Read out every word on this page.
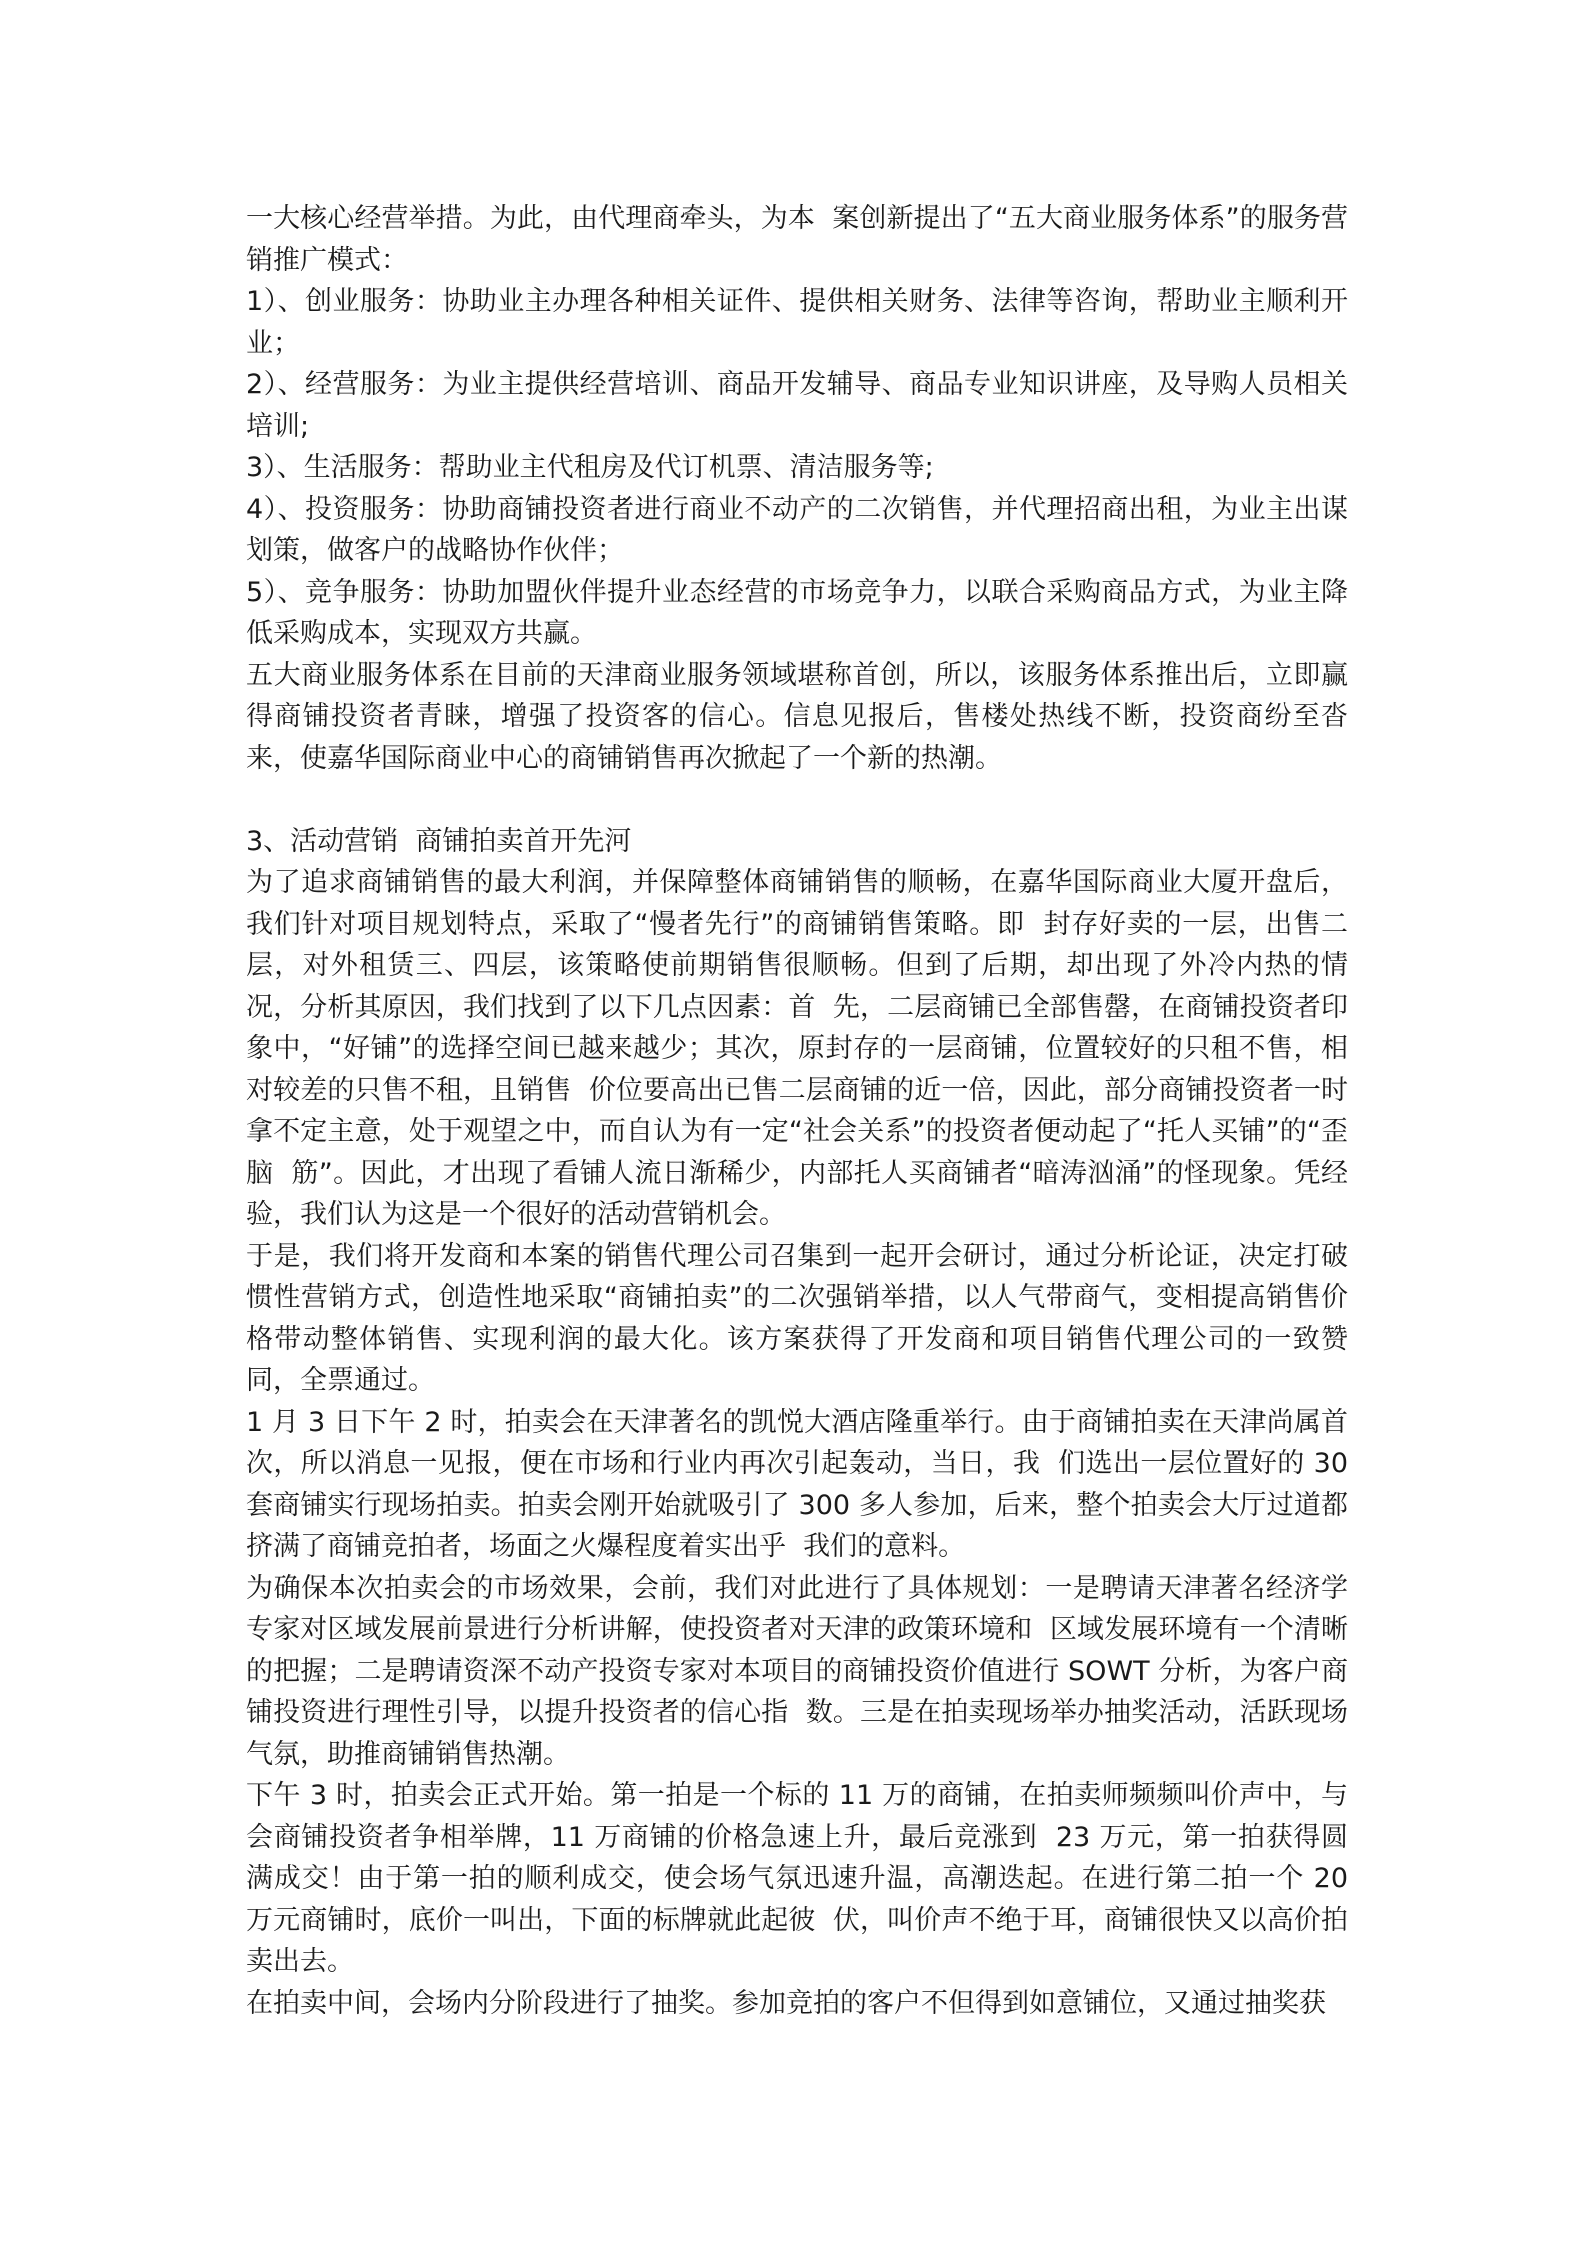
一大核心经营举措。为此，由代理商牵头，为本  案创新提出了“五大商业服务体系”的服务营销推广模式：

1）、创业服务：协助业主办理各种相关证件、提供相关财务、法律等咨询，帮助业主顺利开业；

2）、经营服务：为业主提供经营培训、商品开发辅导、商品专业知识讲座，及导购人员相关培训;

3）、生活服务：帮助业主代租房及代订机票、清洁服务等;

4）、投资服务：协助商铺投资者进行商业不动产的二次销售，并代理招商出租，为业主出谋划策，做客户的战略协作伙伴；

5）、竞争服务：协助加盟伙伴提升业态经营的市场竞争力，以联合采购商品方式，为业主降低采购成本，实现双方共赢。

五大商业服务体系在目前的天津商业服务领域堪称首创，所以，该服务体系推出后，立即赢得商铺投资者青睐，增强了投资客的信心。信息见报后，售楼处热线不断，投资商纷至沓来，使嘉华国际商业中心的商铺销售再次掀起了一个新的热潮。

3、活动营销  商铺拍卖首开先河

为了追求商铺销售的最大利润，并保障整体商铺销售的顺畅，在嘉华国际商业大厦开盘后，我们针对项目规划特点，采取了“慢者先行”的商铺销售策略。即  封存好卖的一层，出售二层，对外租赁三、四层，该策略使前期销售很顺畅。但到了后期，却出现了外冷内热的情况，分析其原因，我们找到了以下几点因素：首  先，二层商铺已全部售罄，在商铺投资者印象中，“好铺”的选择空间已越来越少；其次，原封存的一层商铺，位置较好的只租不售，相对较差的只售不租，且销售  价位要高出已售二层商铺的近一倍，因此，部分商铺投资者一时拿不定主意，处于观望之中，而自认为有一定“社会关系”的投资者便动起了“托人买铺”的“歪脑  筋”。因此，才出现了看铺人流日渐稀少，内部托人买商铺者“暗涛汹涌”的怪现象。凭经验，我们认为这是一个很好的活动营销机会。

于是，我们将开发商和本案的销售代理公司召集到一起开会研讨，通过分析论证，决定打破惯性营销方式，创造性地采取“商铺拍卖”的二次强销举措，以人气带商气，变相提高销售价格带动整体销售、实现利润的最大化。该方案获得了开发商和项目销售代理公司的一致赞同，全票通过。

1 月 3 日下午 2 时，拍卖会在天津著名的凯悦大酒店隆重举行。由于商铺拍卖在天津尚属首次，所以消息一见报，便在市场和行业内再次引起轰动，当日，我  们选出一层位置好的 30 套商铺实行现场拍卖。拍卖会刚开始就吸引了 300 多人参加，后来，整个拍卖会大厅过道都挤满了商铺竞拍者，场面之火爆程度着实出乎  我们的意料。

为确保本次拍卖会的市场效果，会前，我们对此进行了具体规划：一是聘请天津著名经济学专家对区域发展前景进行分析讲解，使投资者对天津的政策环境和  区域发展环境有一个清晰的把握；二是聘请资深不动产投资专家对本项目的商铺投资价值进行 SOWT 分析，为客户商铺投资进行理性引导，以提升投资者的信心指  数。三是在拍卖现场举办抽奖活动，活跃现场气氛，助推商铺销售热潮。

下午 3 时，拍卖会正式开始。第一拍是一个标的 11 万的商铺，在拍卖师频频叫价声中，与会商铺投资者争相举牌，11 万商铺的价格急速上升，最后竞涨到  23 万元，第一拍获得圆满成交！由于第一拍的顺利成交，使会场气氛迅速升温，高潮迭起。在进行第二拍一个 20 万元商铺时，底价一叫出，下面的标牌就此起彼  伏，叫价声不绝于耳，商铺很快又以高价拍卖出去。

在拍卖中间，会场内分阶段进行了抽奖。参加竞拍的客户不但得到如意铺位，又通过抽奖获
